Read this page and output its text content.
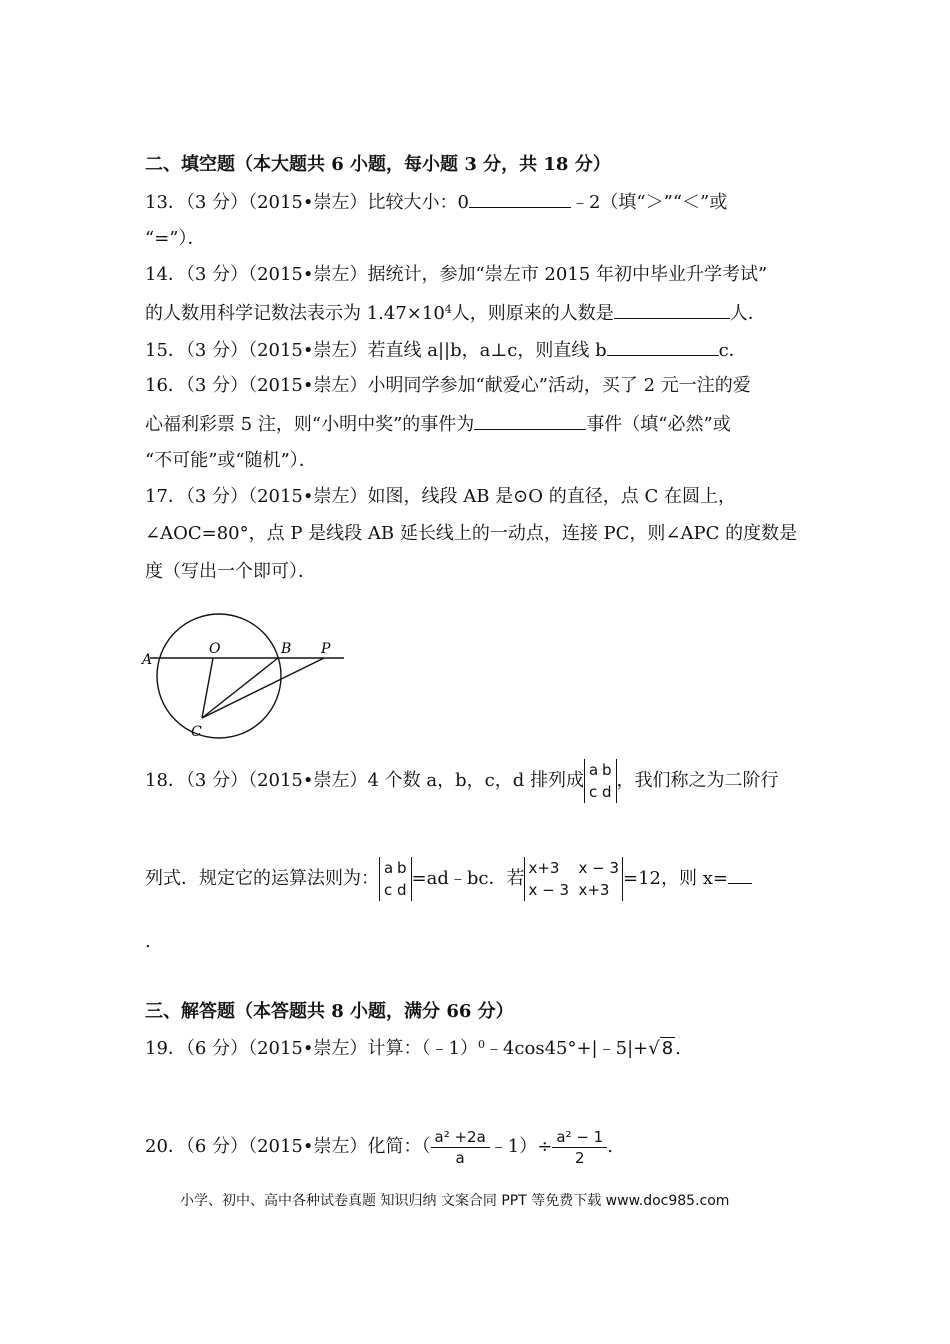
二、填空题（本大题共 6 小题，每小题 3 分，共 18 分）
13．（3 分）（2015•崇左）比较大小：0	﹣2（填“＞”“＜”或
“=”）．
14．（3 分）（2015•崇左）据统计，参加“崇左市 2015 年初中毕业升学考试”
的人数用科学记数法表示为 $1.47\times 10^4$人，则原来的人数是	人．
15．（3 分）（2015•崇左）若直线 a||b，a⊥c，则直线 b	c．
16．（3 分）（2015•崇左）小明同学参加“献爱心”活动，买了 2 元一注的爱
心福利彩票 5 注，则“小明中奖”的事件为	事件（填“必然”或
“不可能”或“随机”）．
17．（3 分）（2015•崇左）如图，线段 AB 是⊙O 的直径，点 C 在圆上，
∠AOC=80°，点 P 是线段 AB 延长线上的一动点，连接 PC，则∠APC 的度数是
度（写出一个即可）．
A
O	B P
C
18．（3 分）（2015•崇左）4 个数 a，b，c，d 排列成 a b
c d
，我们称之为二阶行
列式．规定它的运算法则为： a b
c d
=ad﹣bc．若 x+3 x − 3
x − 3 x+3
=12，则 x=
.
三、解答题（本答题共 8 小题，满分 66 分）
19．（6 分）（2015•崇左）计算：（﹣1）$^0$﹣4cos45°+|﹣5|+√ 8 .
20．（6 分）（2015•崇左）化简：（ $\frac{\text{a² +2a}}{a}$ ﹣1）÷ $\frac{\text{a² − 1}}{2}$ .
小学、初中、高中各种试卷真题 知识归纳 文案合同 PPT 等免费下载 www.doc985.com
